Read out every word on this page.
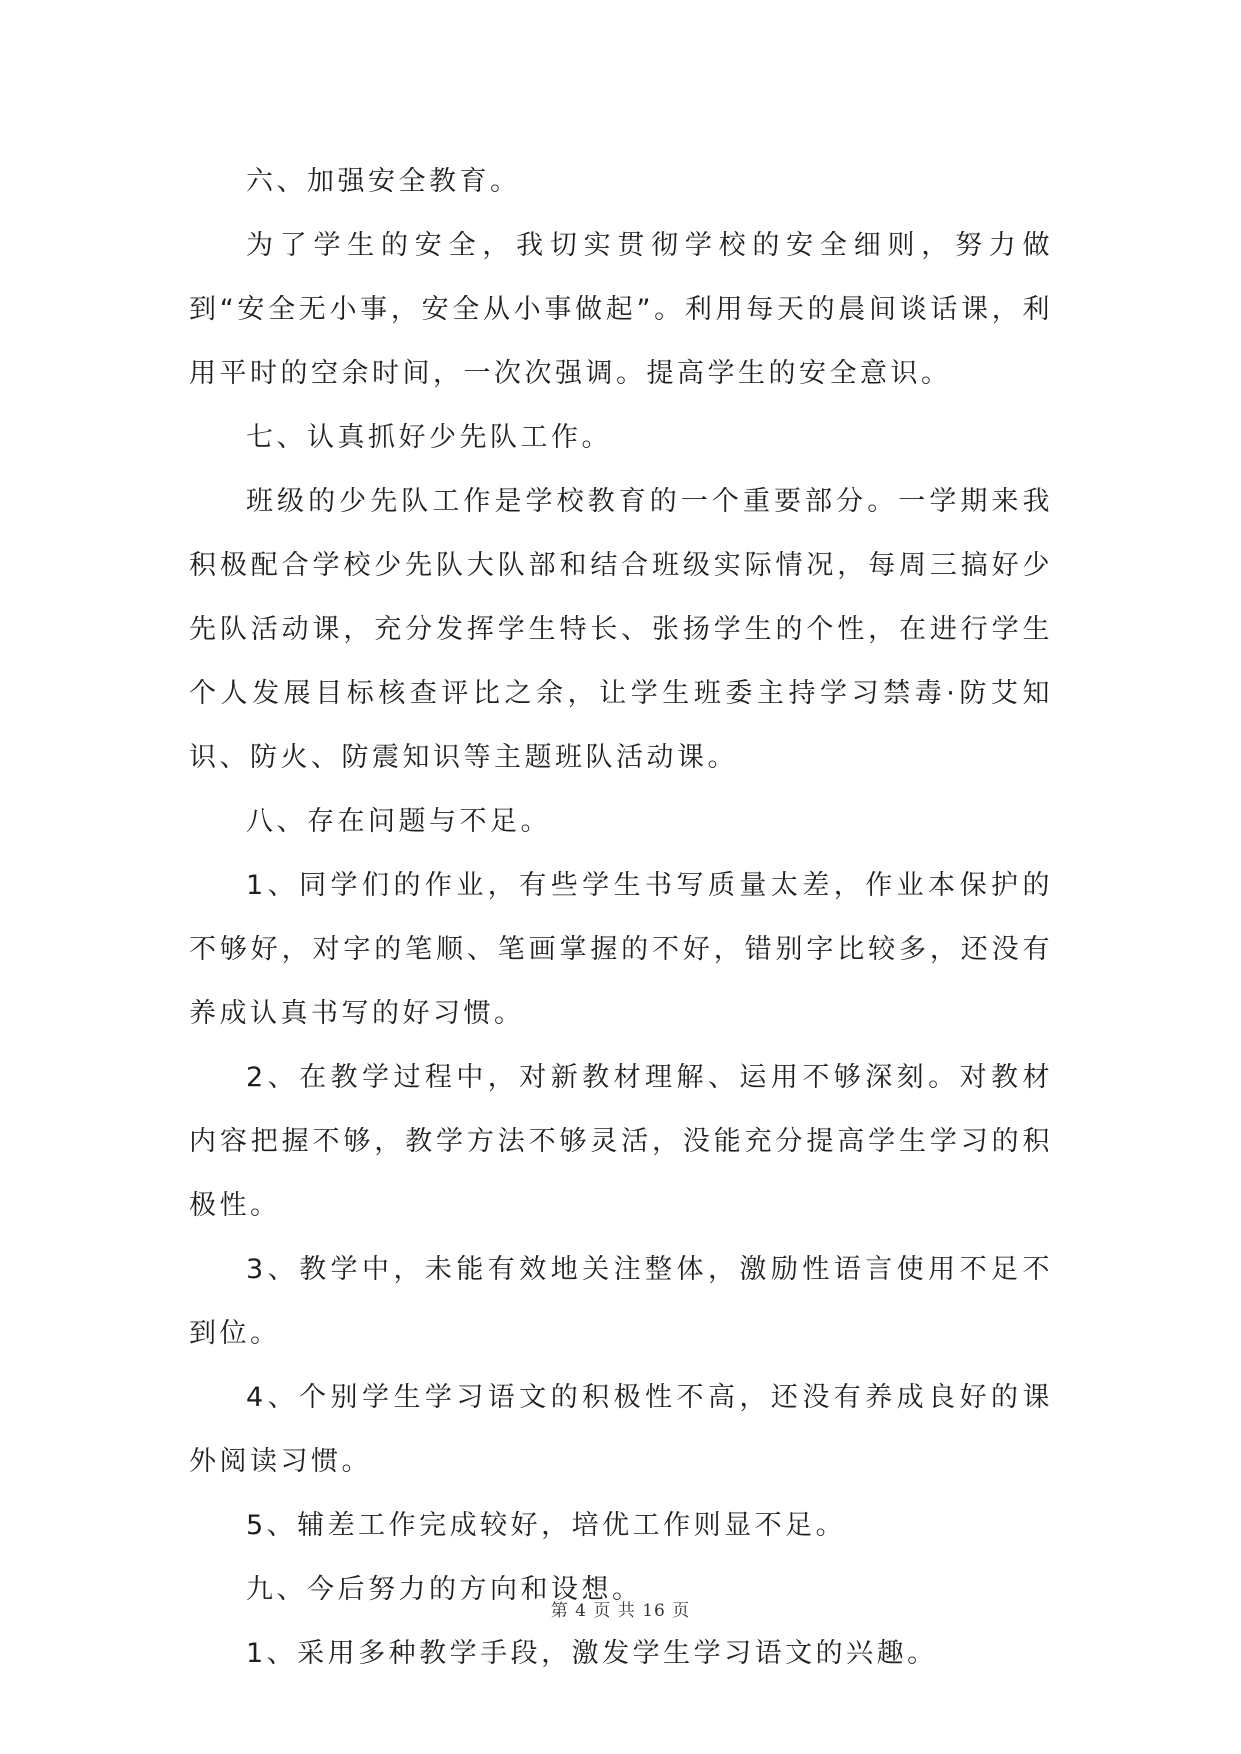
六、加强安全教育。

为了学生的安全，我切实贯彻学校的安全细则，努力做到“安全无小事，安全从小事做起”。利用每天的晨间谈话课，利用平时的空余时间，一次次强调。提高学生的安全意识。

七、认真抓好少先队工作。

班级的少先队工作是学校教育的一个重要部分。一学期来我积极配合学校少先队大队部和结合班级实际情况，每周三搞好少先队活动课，充分发挥学生特长、张扬学生的个性，在进行学生个人发展目标核查评比之余，让学生班委主持学习禁毒·防艾知识、防火、防震知识等主题班队活动课。

八、存在问题与不足。

1、同学们的作业，有些学生书写质量太差，作业本保护的不够好，对字的笔顺、笔画掌握的不好，错别字比较多，还没有养成认真书写的好习惯。

2、在教学过程中，对新教材理解、运用不够深刻。对教材内容把握不够，教学方法不够灵活，没能充分提高学生学习的积极性。

3、教学中，未能有效地关注整体，激励性语言使用不足不到位。

4、个别学生学习语文的积极性不高，还没有养成良好的课外阅读习惯。

5、辅差工作完成较好，培优工作则显不足。

九、今后努力的方向和设想。

1、采用多种教学手段，激发学生学习语文的兴趣。

第 4 页 共 16 页
